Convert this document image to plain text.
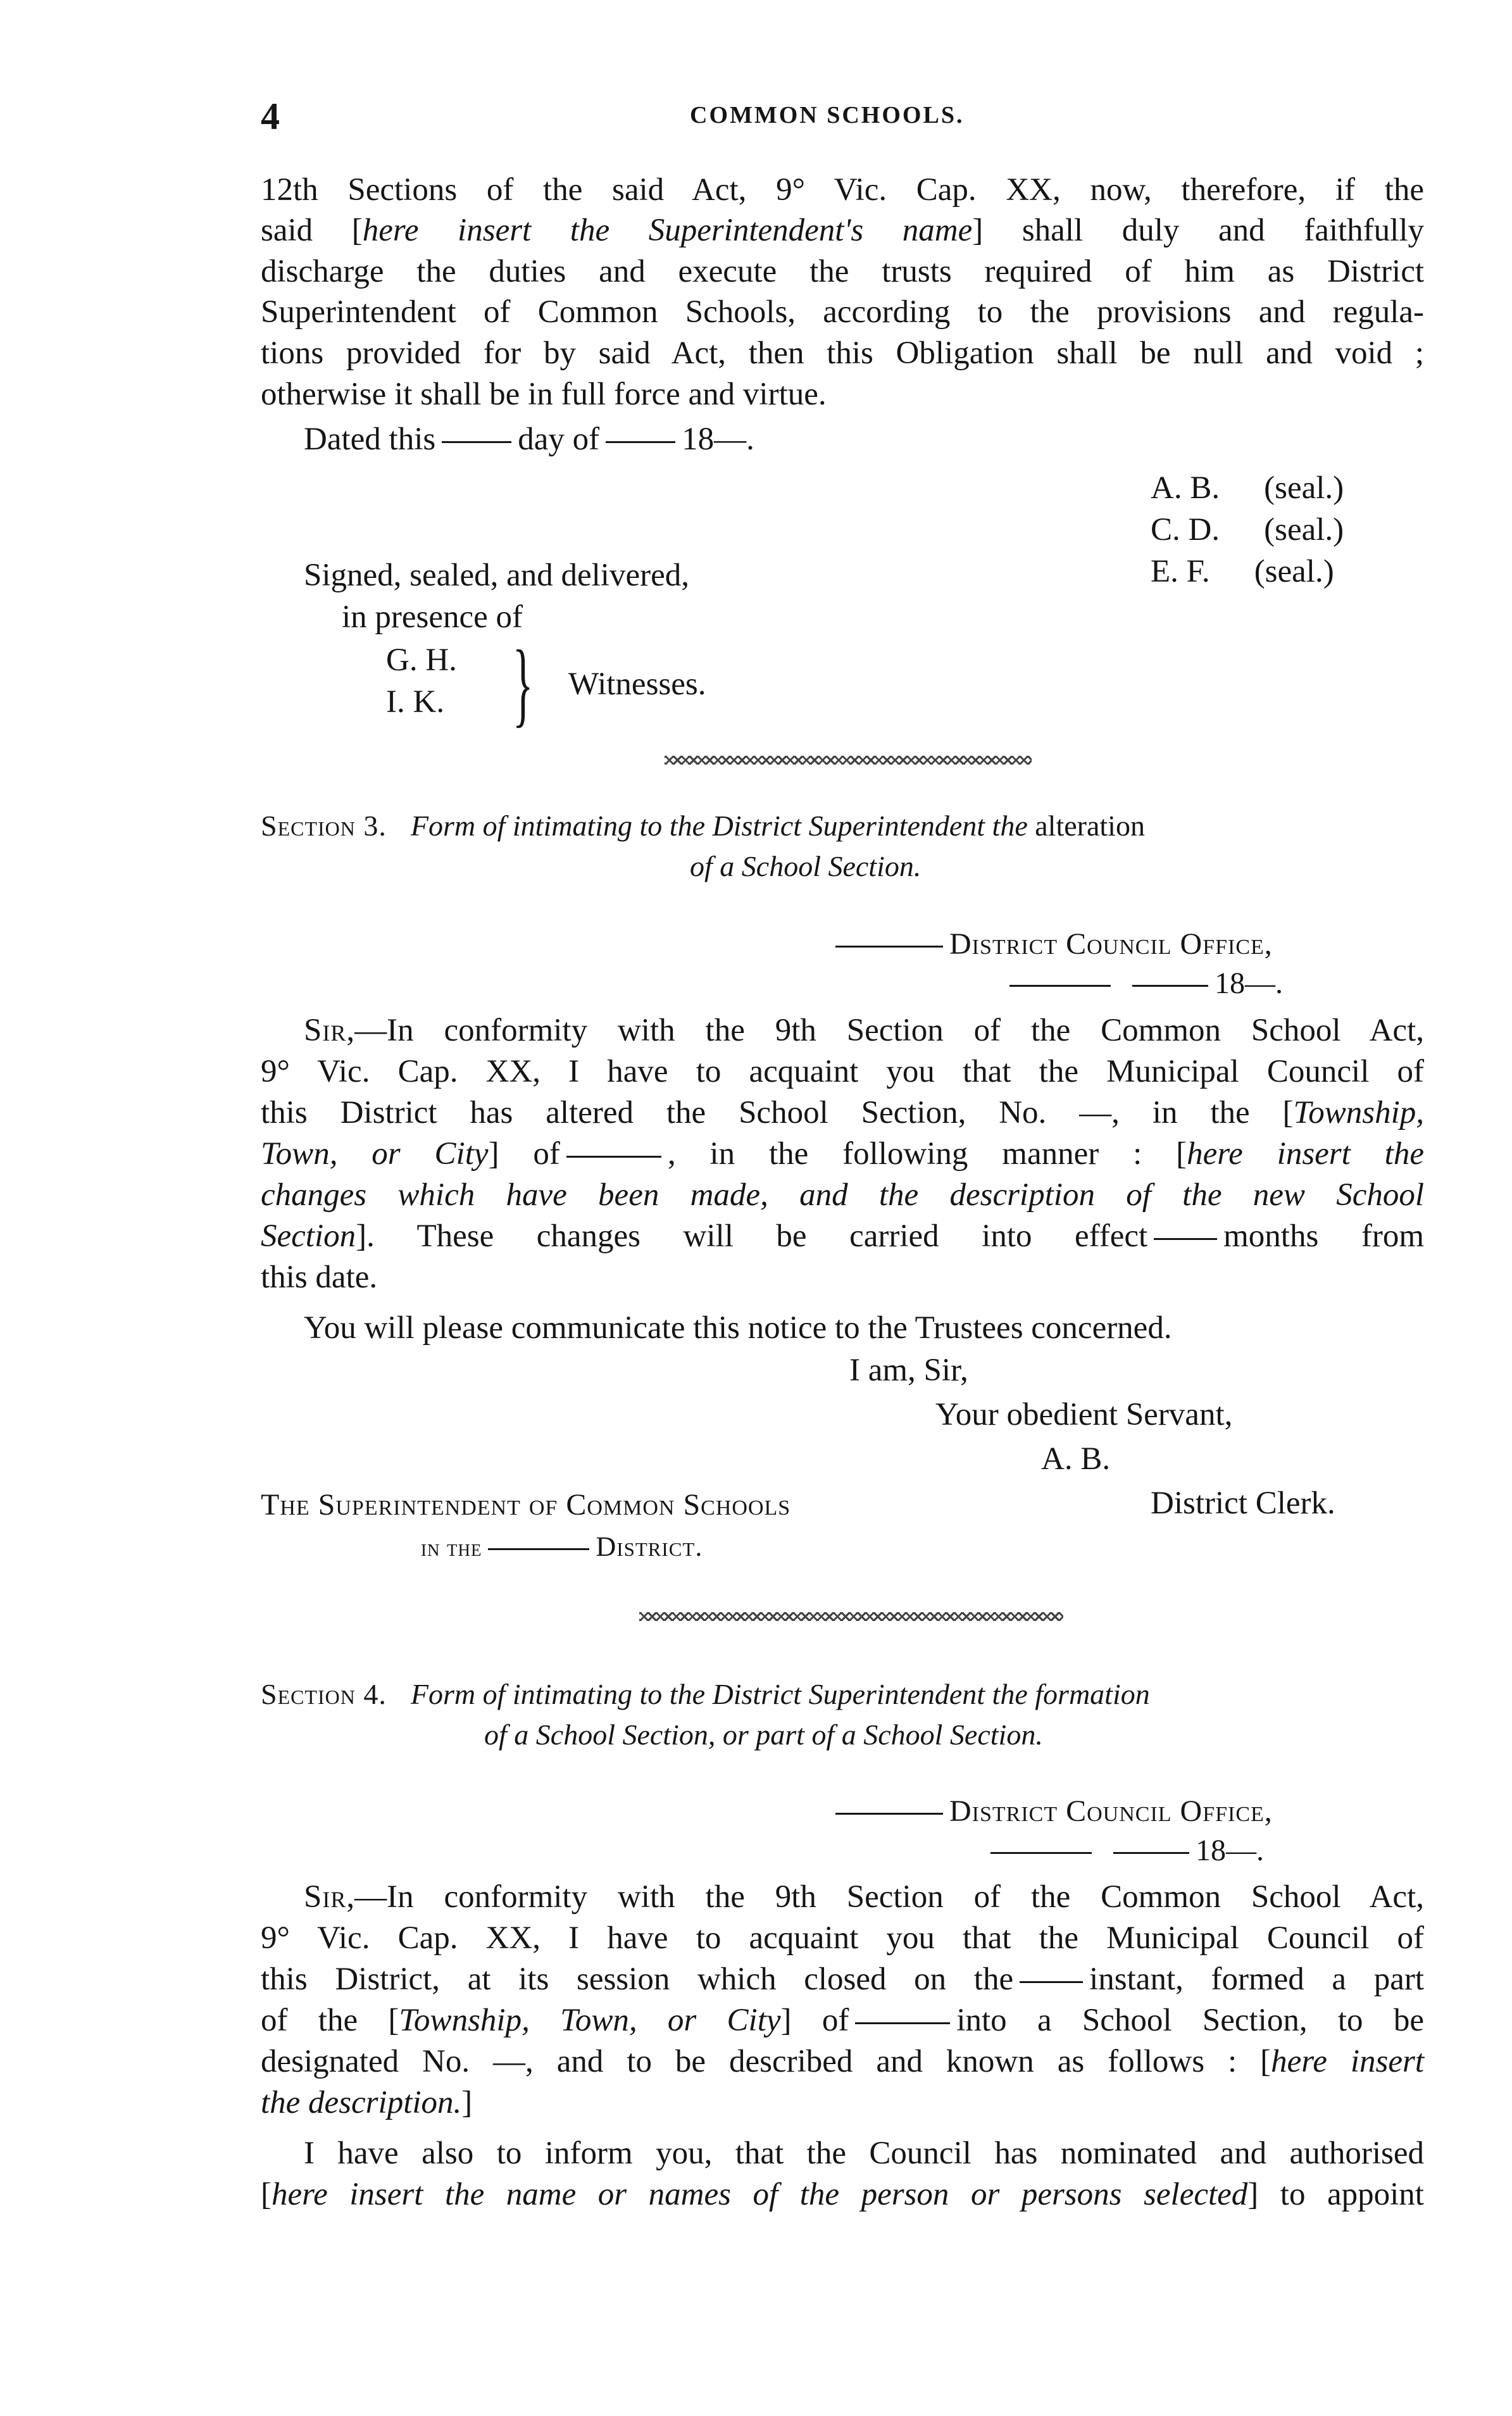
4	COMMON SCHOOLS.
12th Sections of the said Act, 9° Vic. Cap. XX, now, therefore, if the
said [here insert the Superintendent's name] shall duly and faithfully
discharge the duties and execute the trusts required of him as District
Superintendent of Common Schools, according to the provisions and regula-
tions provided for by said Act, then this Obligation shall be null and void ;
otherwise it shall be in full force and virtue.
Dated this	day of	18—.
A. B. (seal.)
C. D. (seal.)
E. F. (seal.)
Signed, sealed, and delivered,
in presence of
G. H.
I. K. } Witnesses.
Section 3. Form of intimating to the District Superintendent the alteration
of a School Section.
District Council Office,
18—.
Sir,—In conformity with the 9th Section of the Common School Act,
9° Vic. Cap. XX, I have to acquaint you that the Municipal Council of
this District has altered the School Section, No. —, in the [Township,
Town, or City] of	, in the following manner : [here insert the
changes which have been made, and the description of the new School
Section]. These changes will be carried into effect months from
this date.
You will please communicate this notice to the Trustees concerned.
I am, Sir,
Your obedient Servant,
A. B.
The Superintendent of Common Schools
in the	District.
District Clerk.
Section 4. Form of intimating to the District Superintendent the formation
of a School Section, or part of a School Section.
District Council Office,
18—.
Sir,—In conformity with the 9th Section of the Common School Act,
9° Vic. Cap. XX, I have to acquaint you that the Municipal Council of
this District, at its session which closed on the instant, formed a part
of the [Township, Town, or City] of	into a School Section, to be
designated No. —, and to be described and known as follows : [here insert
the description.]
I have also to inform you, that the Council has nominated and authorised
[here insert the name or names of the person or persons selected] to appoint
